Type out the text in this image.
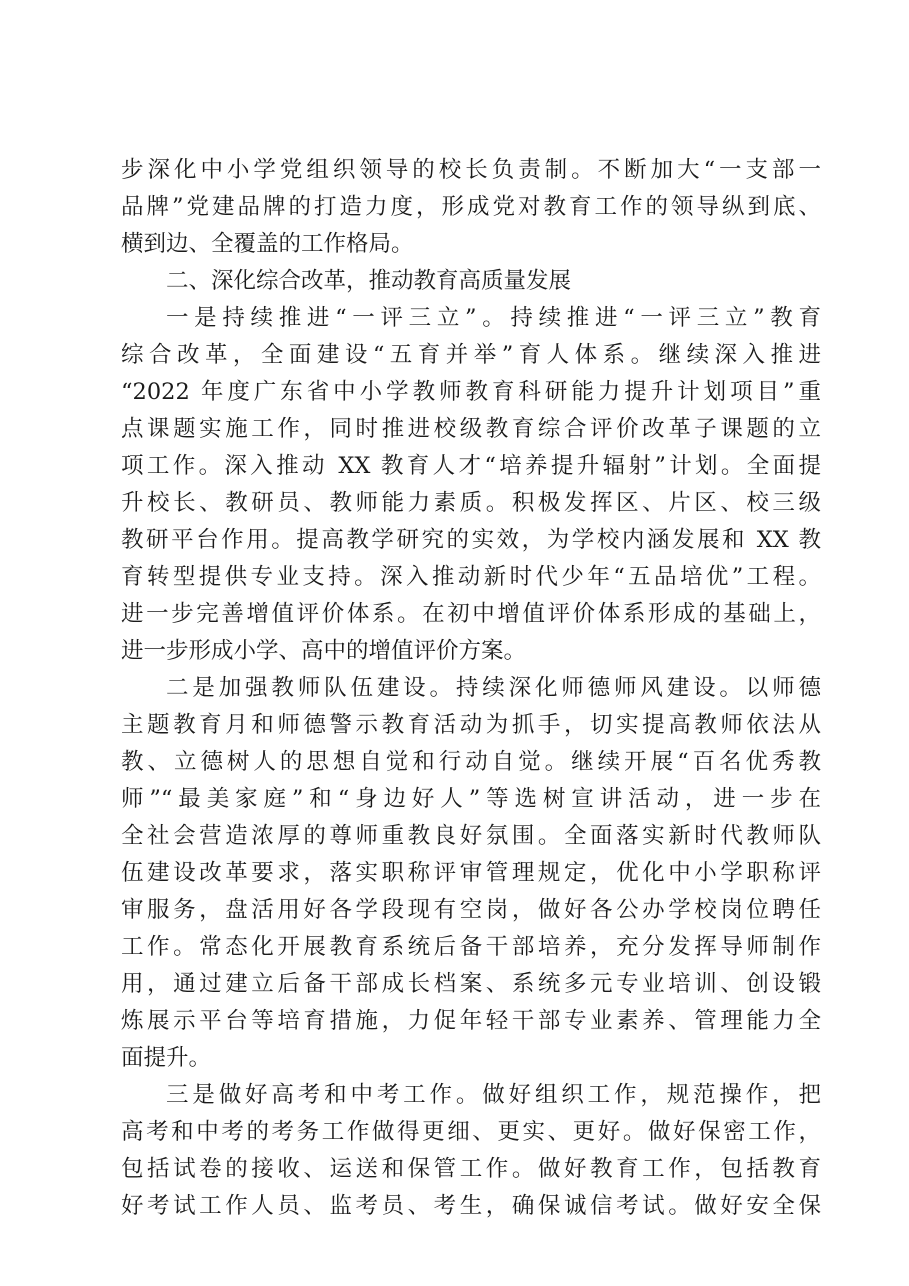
步深化中小学党组织领导的校长负责制。不断加大“一支部一
品牌”党建品牌的打造力度，形成党对教育工作的领导纵到底、
横到边、全覆盖的工作格局。
二、深化综合改革，推动教育高质量发展
一是持续推进“一评三立”。持续推进“一评三立”教育
综合改革，全面建设“五育并举”育人体系。继续深入推进
“2022 年度广东省中小学教师教育科研能力提升计划项目”重
点课题实施工作，同时推进校级教育综合评价改革子课题的立
项工作。深入推动 XX 教育人才“培养提升辐射”计划。全面提
升校长、教研员、教师能力素质。积极发挥区、片区、校三级
教研平台作用。提高教学研究的实效，为学校内涵发展和 XX 教
育转型提供专业支持。深入推动新时代少年“五品培优”工程。
进一步完善增值评价体系。在初中增值评价体系形成的基础上，
进一步形成小学、高中的增值评价方案。
二是加强教师队伍建设。持续深化师德师风建设。以师德
主题教育月和师德警示教育活动为抓手，切实提高教师依法从
教、立德树人的思想自觉和行动自觉。继续开展“百名优秀教
师”“最美家庭”和“身边好人”等选树宣讲活动，进一步在
全社会营造浓厚的尊师重教良好氛围。全面落实新时代教师队
伍建设改革要求，落实职称评审管理规定，优化中小学职称评
审服务，盘活用好各学段现有空岗，做好各公办学校岗位聘任
工作。常态化开展教育系统后备干部培养，充分发挥导师制作
用，通过建立后备干部成长档案、系统多元专业培训、创设锻
炼展示平台等培育措施，力促年轻干部专业素养、管理能力全
面提升。
三是做好高考和中考工作。做好组织工作，规范操作，把
高考和中考的考务工作做得更细、更实、更好。做好保密工作，
包括试卷的接收、运送和保管工作。做好教育工作，包括教育
好考试工作人员、监考员、考生，确保诚信考试。做好安全保
